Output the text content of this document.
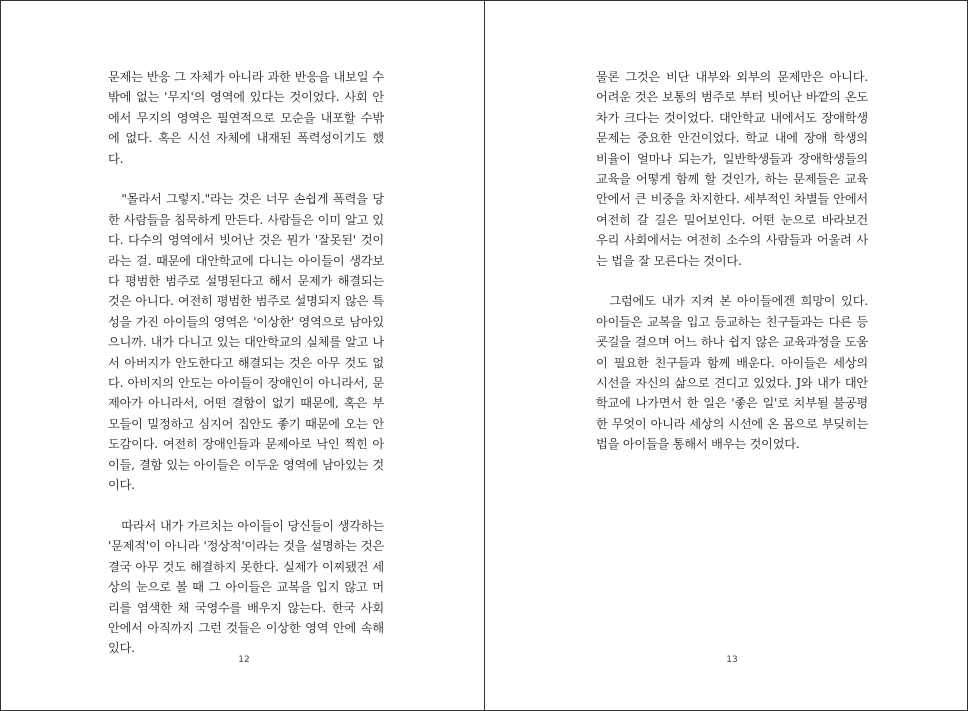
문제는 반응 그 자체가 아니라 과한 반응을 내보일 수밖에 없는 '무지'의 영역에 있다는 것이었다. 사회 안에서 무지의 영역은 필연적으로 모순을 내포할 수밖에 없다. 혹은 시선 자체에 내재된 폭력성이기도 했다.

"몰라서 그렇지."라는 것은 너무 손쉽게 폭력을 당한 사람들을 침묵하게 만든다. 사람들은 이미 알고 있다. 다수의 영역에서 빗어난 것은 뭔가 '잘못된' 것이라는 걸. 때문에 대안학교에 다니는 아이들이 생각보다 평범한 범주로 설명된다고 해서 문제가 해결되는 것은 아니다. 여전히 평범한 범주로 설명되지 않은 특성을 가진 아이들의 영역은 '이상한' 영역으로 남아있으니까. 내가 다니고 있는 대안학교의 실체를 알고 나서 아버지가 안도한다고 해결되는 것은 아무 것도 없다. 아비지의 안도는 아이들이 장애인이 아니라서, 문제아가 아니라서, 어떤 결함이 없기 때문에, 혹은 부모들이 밀정하고 심지어 집안도 좋기 때문에 오는 안도감이다. 여전히 장애인들과 문제아로 낙인 찍힌 아이들, 결함 있는 아이들은 이두운 영역에 남아있는 것이다.

따라서 내가 가르치는 아이들이 당신들이 생각하는 '문제적'이 아니라 '정상적'이라는 것을 설명하는 것은 결국 아무 것도 해결하지 못한다. 실제가 이찌됐건 세상의 눈으로 볼 때 그 아이들은 교복을 입지 않고 머리를 염색한 채 국영수를 배우지 않는다. 한국 사회 안에서 아직까지 그런 것들은 이상한 영역 안에 속해있다.

12

물론 그것은 비단 내부와 외부의 문제만은 아니다. 어려운 것은 보통의 범주로 부터 빗어난 바깥의 온도 차가 크다는 것이었다. 대안학교 내에서도 장애학생 문제는 중요한 안건이었다. 학교 내에 장애 학생의 비율이 얼마나 되는가, 일반학생들과 장애학생들의 교육을 어떻게 함께 할 것인가, 하는 문제들은 교육 안에서 큰 비중을 차지한다. 세부적인 차별들 안에서 여전히 갈 길은 밀어보인다. 어떤 눈으로 바라보건 우리 사회에서는 여전히 소수의 사람들과 어울려 사는 법을 잘 모른다는 것이다.

그럼에도 내가 지켜 본 아이들에겐 희망이 있다. 아이들은 교복을 입고 등교하는 친구들과는 다른 등굣길을 걸으며 어느 하나 쉽지 않은 교육과정을 도움이 필요한 친구들과 함께 배운다. 아이들은 세상의 시선을 자신의 삶으로 견디고 있었다. J와 내가 대안학교에 나가면서 한 일은 '좋은 일'로 치부될 불공평한 무엇이 아니라 세상의 시선에 온 몸으로 부딪히는 법을 아이들을 통해서 배우는 것이었다.

13
